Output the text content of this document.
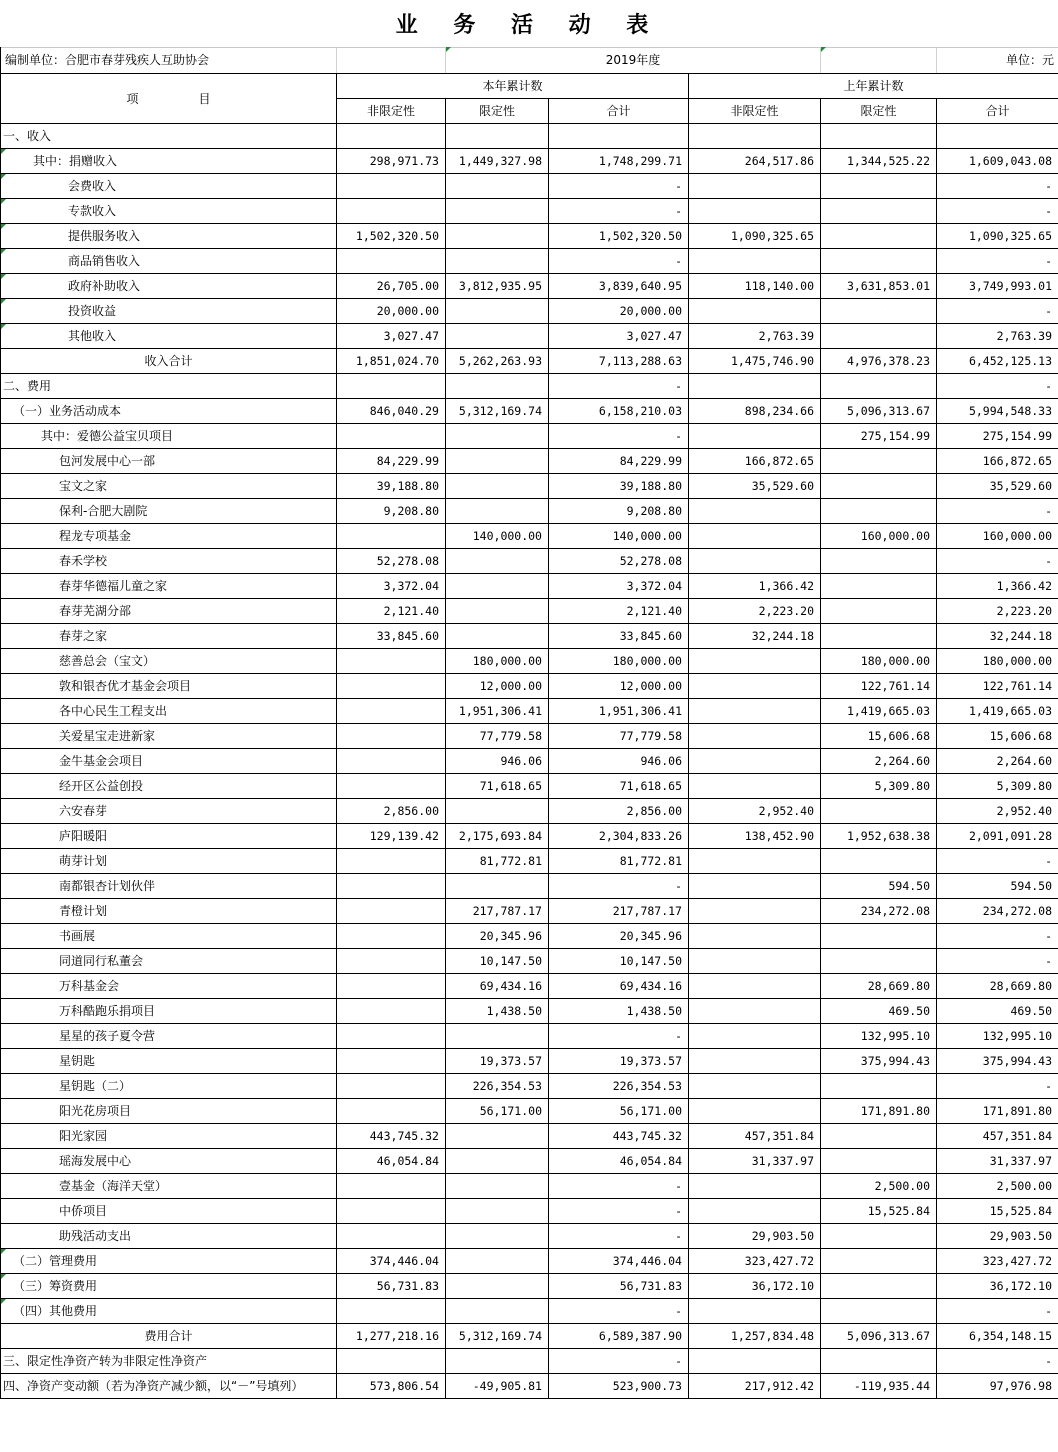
业 务 活 动 表
编制单位：合肥市春芽残疾人互助协会		2019年度				单位：元
项　　　　　目	本年累计数			上年累计数		
	非限定性	限定性	合计	非限定性	限定性	合计
一、收入						
其中：捐赠收入	298,971.73	1,449,327.98	1,748,299.71	264,517.86	1,344,525.22	1,609,043.08
会费收入			-			-
专款收入			-			-
提供服务收入	1,502,320.50		1,502,320.50	1,090,325.65		1,090,325.65
商品销售收入			-			-
政府补助收入	26,705.00	3,812,935.95	3,839,640.95	118,140.00	3,631,853.01	3,749,993.01
投资收益	20,000.00		20,000.00			-
其他收入	3,027.47		3,027.47	2,763.39		2,763.39
收入合计	1,851,024.70	5,262,263.93	7,113,288.63	1,475,746.90	4,976,378.23	6,452,125.13
二、费用			-			-
（一）业务活动成本	846,040.29	5,312,169.74	6,158,210.03	898,234.66	5,096,313.67	5,994,548.33
其中：爱德公益宝贝项目			-		275,154.99	275,154.99
包河发展中心一部	84,229.99		84,229.99	166,872.65		166,872.65
宝文之家	39,188.80		39,188.80	35,529.60		35,529.60
保利-合肥大剧院	9,208.80		9,208.80			-
程龙专项基金		140,000.00	140,000.00		160,000.00	160,000.00
春禾学校	52,278.08		52,278.08			-
春芽华德福儿童之家	3,372.04		3,372.04	1,366.42		1,366.42
春芽芜湖分部	2,121.40		2,121.40	2,223.20		2,223.20
春芽之家	33,845.60		33,845.60	32,244.18		32,244.18
慈善总会（宝文）		180,000.00	180,000.00		180,000.00	180,000.00
敦和银杏优才基金会项目		12,000.00	12,000.00		122,761.14	122,761.14
各中心民生工程支出		1,951,306.41	1,951,306.41		1,419,665.03	1,419,665.03
关爱星宝走进新家		77,779.58	77,779.58		15,606.68	15,606.68
金牛基金会项目		946.06	946.06		2,264.60	2,264.60
经开区公益创投		71,618.65	71,618.65		5,309.80	5,309.80
六安春芽	2,856.00		2,856.00	2,952.40		2,952.40
庐阳暖阳	129,139.42	2,175,693.84	2,304,833.26	138,452.90	1,952,638.38	2,091,091.28
萌芽计划		81,772.81	81,772.81			-
南都银杏计划伙伴			-		594.50	594.50
青橙计划		217,787.17	217,787.17		234,272.08	234,272.08
书画展		20,345.96	20,345.96			-
同道同行私董会		10,147.50	10,147.50			-
万科基金会		69,434.16	69,434.16		28,669.80	28,669.80
万科酷跑乐捐项目		1,438.50	1,438.50		469.50	469.50
星星的孩子夏令营			-		132,995.10	132,995.10
星钥匙		19,373.57	19,373.57		375,994.43	375,994.43
星钥匙（二）		226,354.53	226,354.53			-
阳光花房项目		56,171.00	56,171.00		171,891.80	171,891.80
阳光家园	443,745.32		443,745.32	457,351.84		457,351.84
瑶海发展中心	46,054.84		46,054.84	31,337.97		31,337.97
壹基金（海洋天堂）			-		2,500.00	2,500.00
中侨项目			-		15,525.84	15,525.84
助残活动支出			-	29,903.50		29,903.50
（二）管理费用	374,446.04		374,446.04	323,427.72		323,427.72
（三）筹资费用	56,731.83		56,731.83	36,172.10		36,172.10
（四）其他费用			-			-
费用合计	1,277,218.16	5,312,169.74	6,589,387.90	1,257,834.48	5,096,313.67	6,354,148.15
三、限定性净资产转为非限定性净资产			-			-
四、净资产变动额（若为净资产减少额，以“－”号填列）	573,806.54	-49,905.81	523,900.73	217,912.42	-119,935.44	97,976.98
